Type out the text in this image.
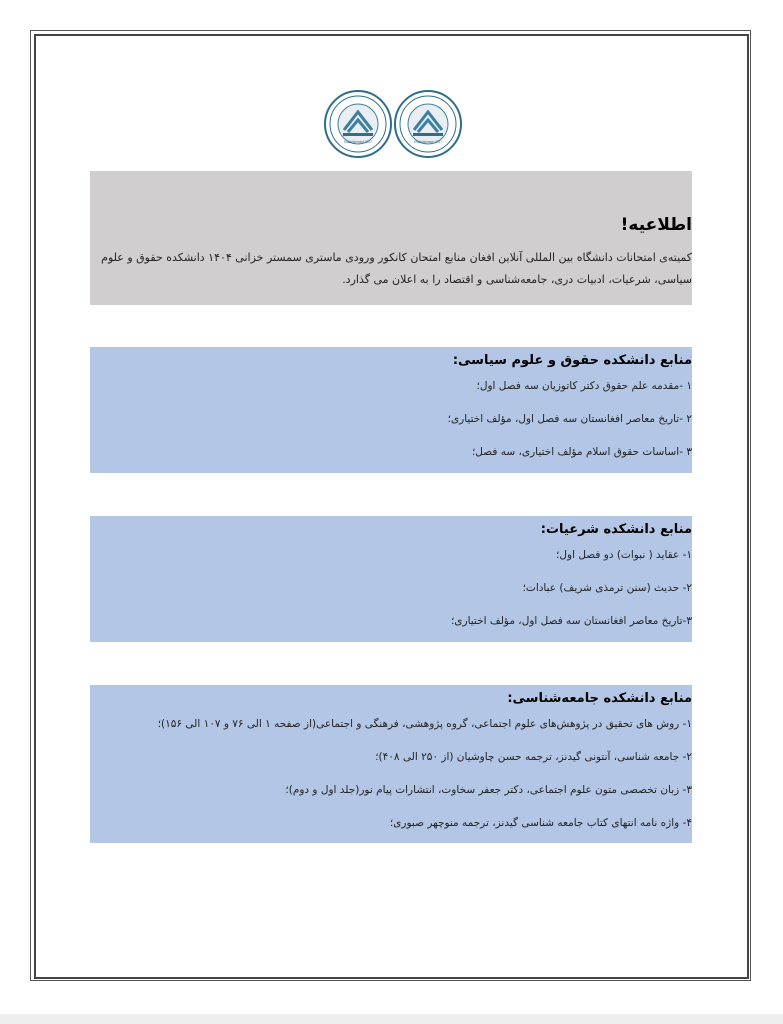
Establishment 2017	Establishment 2017
اطلاعیه!

کمیته‌ی امتحانات دانشگاه بین المللی آنلاین افغان منابع امتحان کانکور ورودی ماستری سمستر خزانی ۱۴۰۴ دانشکده حقوق و علوم سیاسی، شرعیات، ادبیات دری، جامعه‌شناسی و اقتصاد را به اعلان می گذارد.

منابع دانشکده حقوق و علوم سیاسی:
۱ -مقدمه علم حقوق دکتر کاتوزیان سه فصل اول؛
۲ -تاریخ معاصر افغانستان سه فصل اول، مؤلف اختیاری؛
۳ -اساسات حقوق اسلام مؤلف اختیاری، سه فصل؛
منابع دانشکده شرعیات:
۱- عقاید ( نبوات) دو فصل اول؛
۲- حدیث (سنن ترمذی شریف) عبادات؛
۳-تاریخ معاصر افغانستان سه فصل اول، مؤلف اختیاری؛
منابع دانشکده جامعه‌شناسی:
۱- روش های تحقیق در پژوهش‌های علوم اجتماعی، گروه پژوهشی، فرهنگی و اجتماعی(از صفحه ۱ الی ۷۶ و ۱۰۷ الی ۱۵۶)؛
۲- جامعه شناسی، آنتونی گیدنز، ترجمه حسن چاوشیان (از ۲۵۰ الی ۴۰۸)؛
۳- زبان تخصصی متون علوم اجتماعی، دکتر جعفر سخاوت، انتشارات پیام نور(جلد اول و دوم)؛
۴- واژه نامه انتهای کتاب جامعه شناسی گیدنز، ترجمه منوچهر صبوری؛
